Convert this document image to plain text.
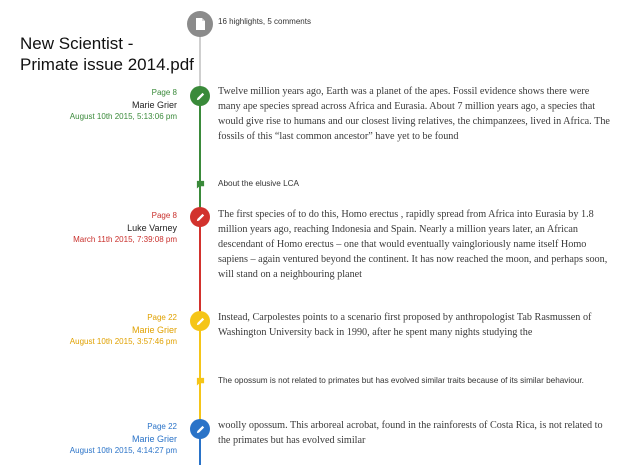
New Scientist -
Primate issue 2014.pdf
16 highlights, 5 comments
Page 8
Marie Grier
August 10th 2015, 5:13:06 pm
Twelve million years ago, Earth was a planet of the apes. Fossil evidence shows there were many ape species spread across Africa and Eurasia. About 7 million years ago, a species that would give rise to humans and our closest living relatives, the chimpanzees, lived in Africa. The fossils of this “last common ancestor” have yet to be found
About the elusive LCA
Page 8
Luke Varney
March 11th 2015, 7:39:08 pm
The first species of to do this, Homo erectus , rapidly spread from Africa into Eurasia by 1.8 million years ago, reaching Indonesia and Spain. Nearly a million years later, an African descendant of Homo erectus – one that would eventually vaingloriously name itself Homo sapiens – again ventured beyond the continent. It has now reached the moon, and perhaps soon, will stand on a neighbouring planet
Page 22
Marie Grier
August 10th 2015, 3:57:46 pm
Instead, Carpolestes points to a scenario first proposed by anthropologist Tab Rasmussen of Washington University back in 1990, after he spent many nights studying the
The opossum is not related to primates but has evolved similar traits because of its similar behaviour.
Page 22
Marie Grier
August 10th 2015, 4:14:27 pm
woolly opossum. This arboreal acrobat, found in the rainforests of Costa Rica, is not related to the primates but has evolved similar
